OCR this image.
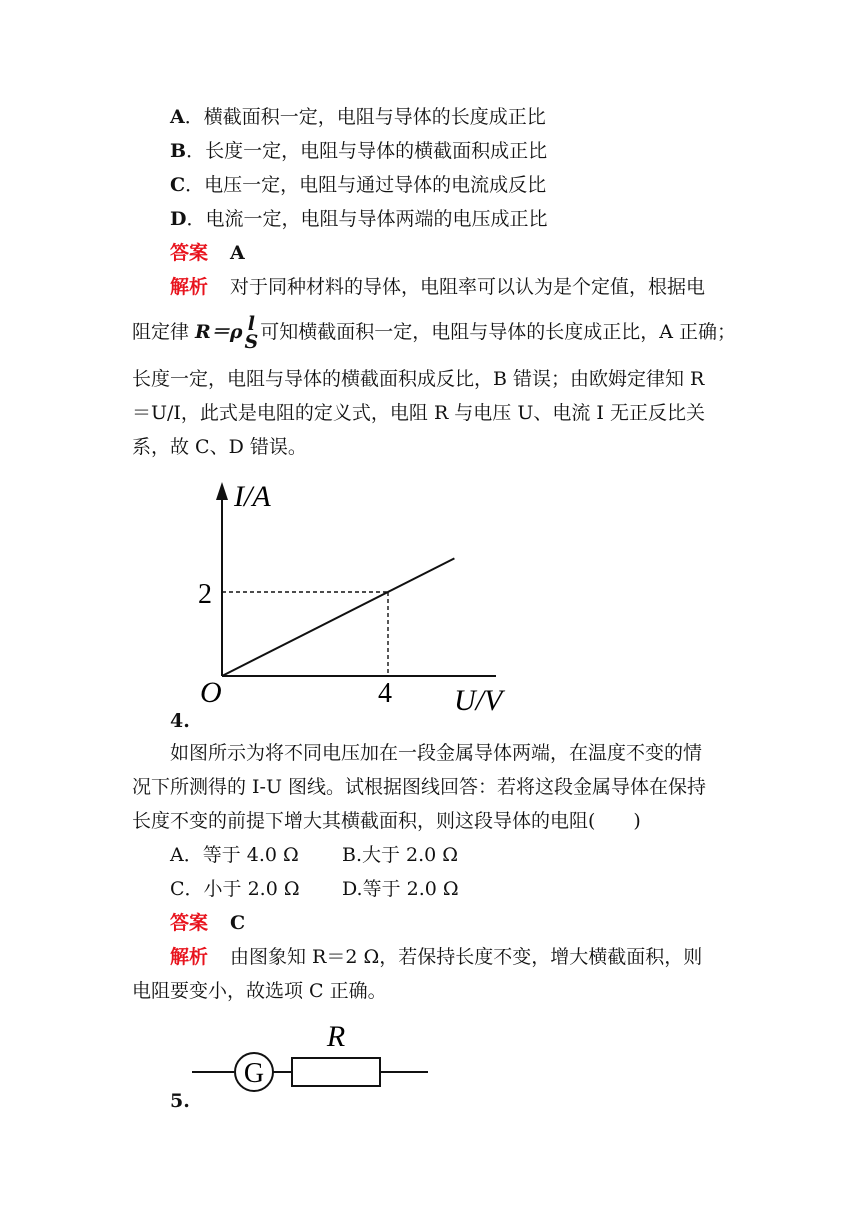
A．横截面积一定，电阻与导体的长度成正比
B．长度一定，电阻与导体的横截面积成正比
C．电压一定，电阻与通过导体的电流成反比
D．电流一定，电阻与导体两端的电压成正比
答案 A
解析 对于同种材料的导体，电阻率可以认为是个定值，根据电
阻定律 R＝ρ l
S 可知横截面积一定，电阻与导体的长度成正比，A 正确；
长度一定，电阻与导体的横截面积成反比，B 错误；由欧姆定律知 R
＝U/I，此式是电阻的定义式，电阻 R 与电压 U、电流 I 无正反比关
系，故 C、D 错误。
I/A
O
2
4 U/V
4.
如图所示为将不同电压加在一段金属导体两端，在温度不变的情
况下所测得的 I-U 图线。试根据图线回答：若将这段金属导体在保持
长度不变的前提下增大其横截面积，则这段导体的电阻(　　)
A．等于 4.0 Ω B.大于 2.0 Ω
C．小于 2.0 Ω D.等于 2.0 Ω
答案 C
解析 由图象知 R＝2 Ω，若保持长度不变，增大横截面积，则
电阻要变小，故选项 C 正确。
G
R
5.
